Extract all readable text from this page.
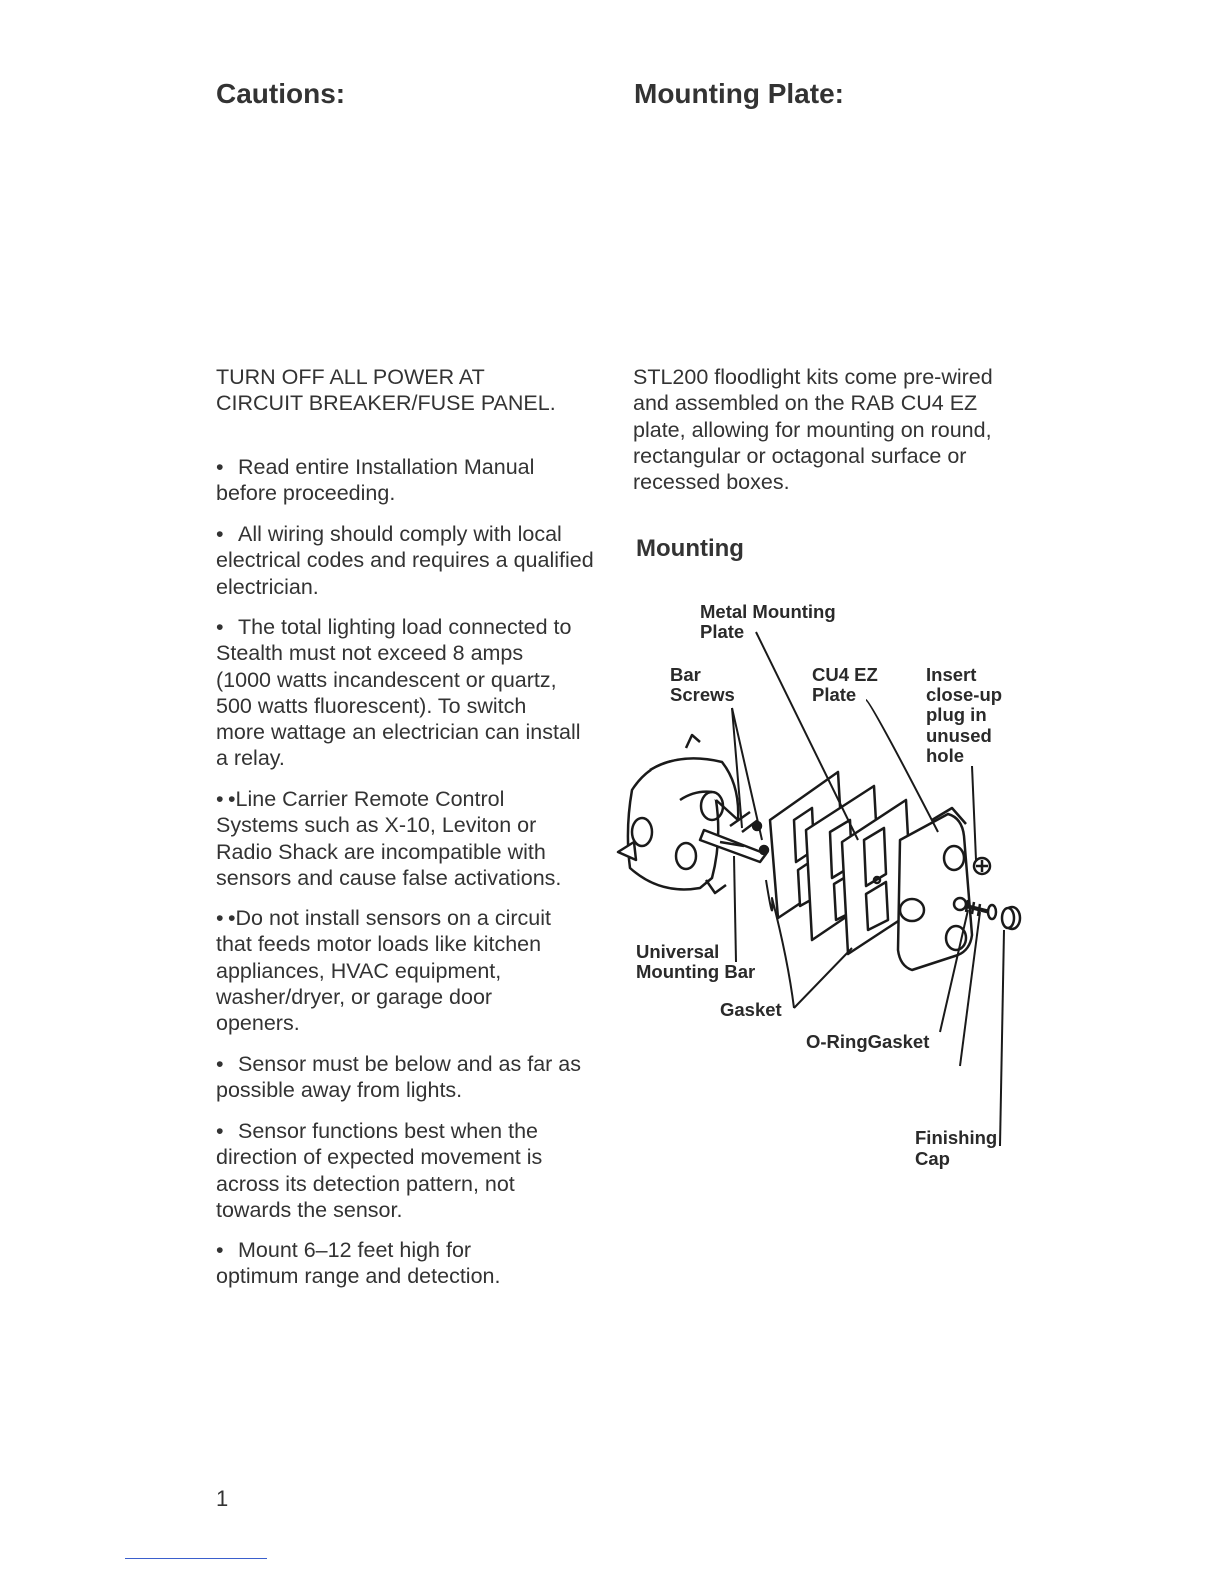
Cautions:

TURN OFF ALL POWER AT
CIRCUIT BREAKER/FUSE PANEL.

• Read entire Installation Manual before proceeding.

• All wiring should comply with local electrical codes and requires a qualified electrician.

• The total lighting load connected to Stealth must not exceed 8 amps (1000 watts incandescent or quartz, 500 watts fluorescent). To switch more wattage an electrician can install a relay.

• •Line Carrier Remote Control Systems such as X-10, Leviton or Radio Shack are incompatible with sensors and cause false activations.

• •Do not install sensors on a circuit that feeds motor loads like kitchen appliances, HVAC equipment, washer/dryer, or garage door openers.

• Sensor must be below and as far as possible away from lights.

• Sensor functions best when the direction of expected movement is across its detection pattern, not towards the sensor.

• Mount 6–12 feet high for optimum range and detection.

Mounting Plate:

STL200 floodlight kits come pre-wired and assembled on the RAB CU4 EZ plate, allowing for mounting on round, rectangular or octagonal surface or recessed boxes.

Mounting
Metal Mounting
Plate
Bar
Screws
CU4 EZ
Plate
Insert
close-up
plug in
unused
hole
Universal
Mounting Bar
Gasket
O-RingGasket
Finishing
Cap

1
